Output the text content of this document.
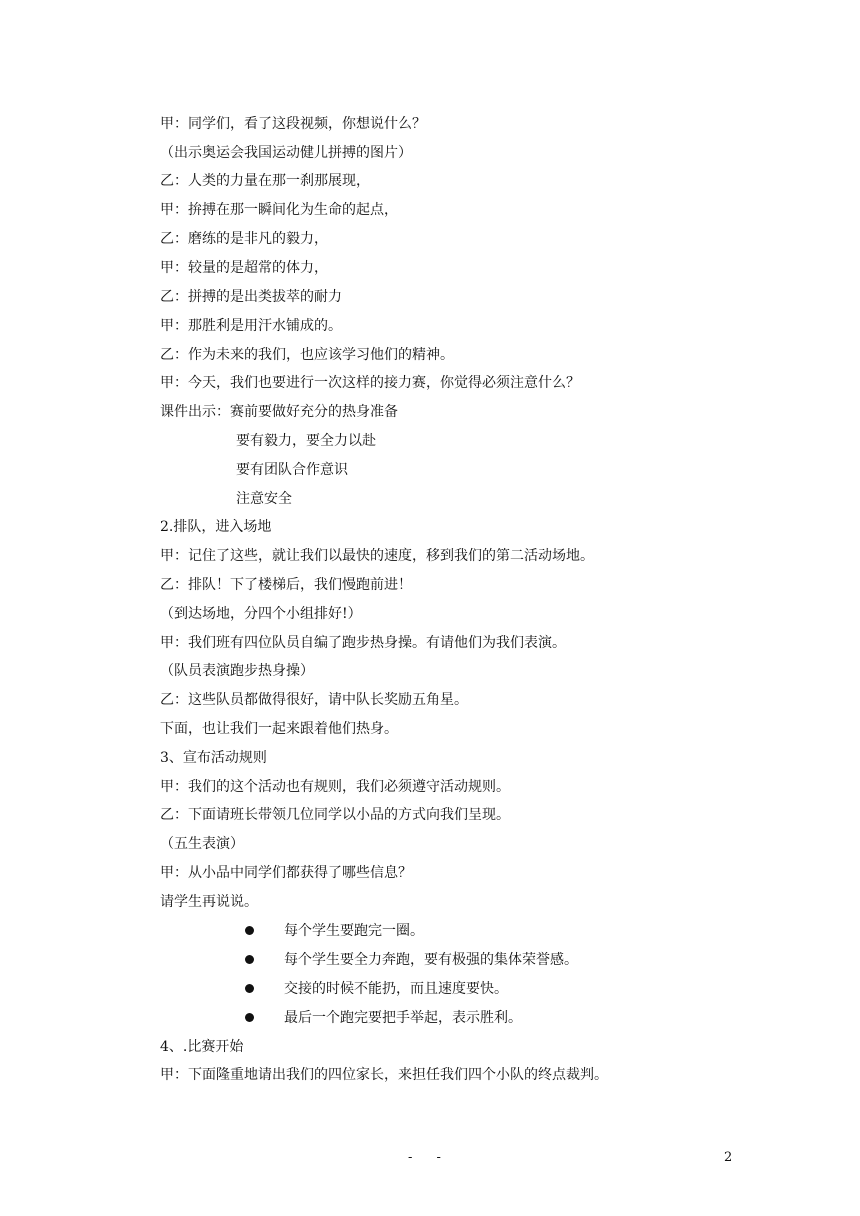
甲：同学们，看了这段视频，你想说什么？
（出示奥运会我国运动健儿拼搏的图片）
乙：人类的力量在那一刹那展现，
甲：拚搏在那一瞬间化为生命的起点，
乙：磨练的是非凡的毅力，
甲：较量的是超常的体力，
乙：拼搏的是出类拔萃的耐力
甲：那胜利是用汗水铺成的。
乙：作为未来的我们，也应该学习他们的精神。
甲：今天，我们也要进行一次这样的接力赛，你觉得必须注意什么？
课件出示：赛前要做好充分的热身准备
要有毅力，要全力以赴
要有团队合作意识
注意安全
2.排队，进入场地
甲：记住了这些，就让我们以最快的速度，移到我们的第二活动场地。
乙：排队！下了楼梯后，我们慢跑前进！
（到达场地，分四个小组排好!）
甲：我们班有四位队员自编了跑步热身操。有请他们为我们表演。
（队员表演跑步热身操）
乙：这些队员都做得很好，请中队长奖励五角星。
下面，也让我们一起来跟着他们热身。
3、宣布活动规则
甲：我们的这个活动也有规则，我们必须遵守活动规则。
乙：下面请班长带领几位同学以小品的方式向我们呈现。
（五生表演）
甲：从小品中同学们都获得了哪些信息？
请学生再说说。
每个学生要跑完一圈。
每个学生要全力奔跑，要有极强的集体荣誉感。
交接的时候不能扔，而且速度要快。
最后一个跑完要把手举起，表示胜利。
4、.比赛开始
甲：下面隆重地请出我们的四位家长，来担任我们四个小队的终点裁判。
- -	2
